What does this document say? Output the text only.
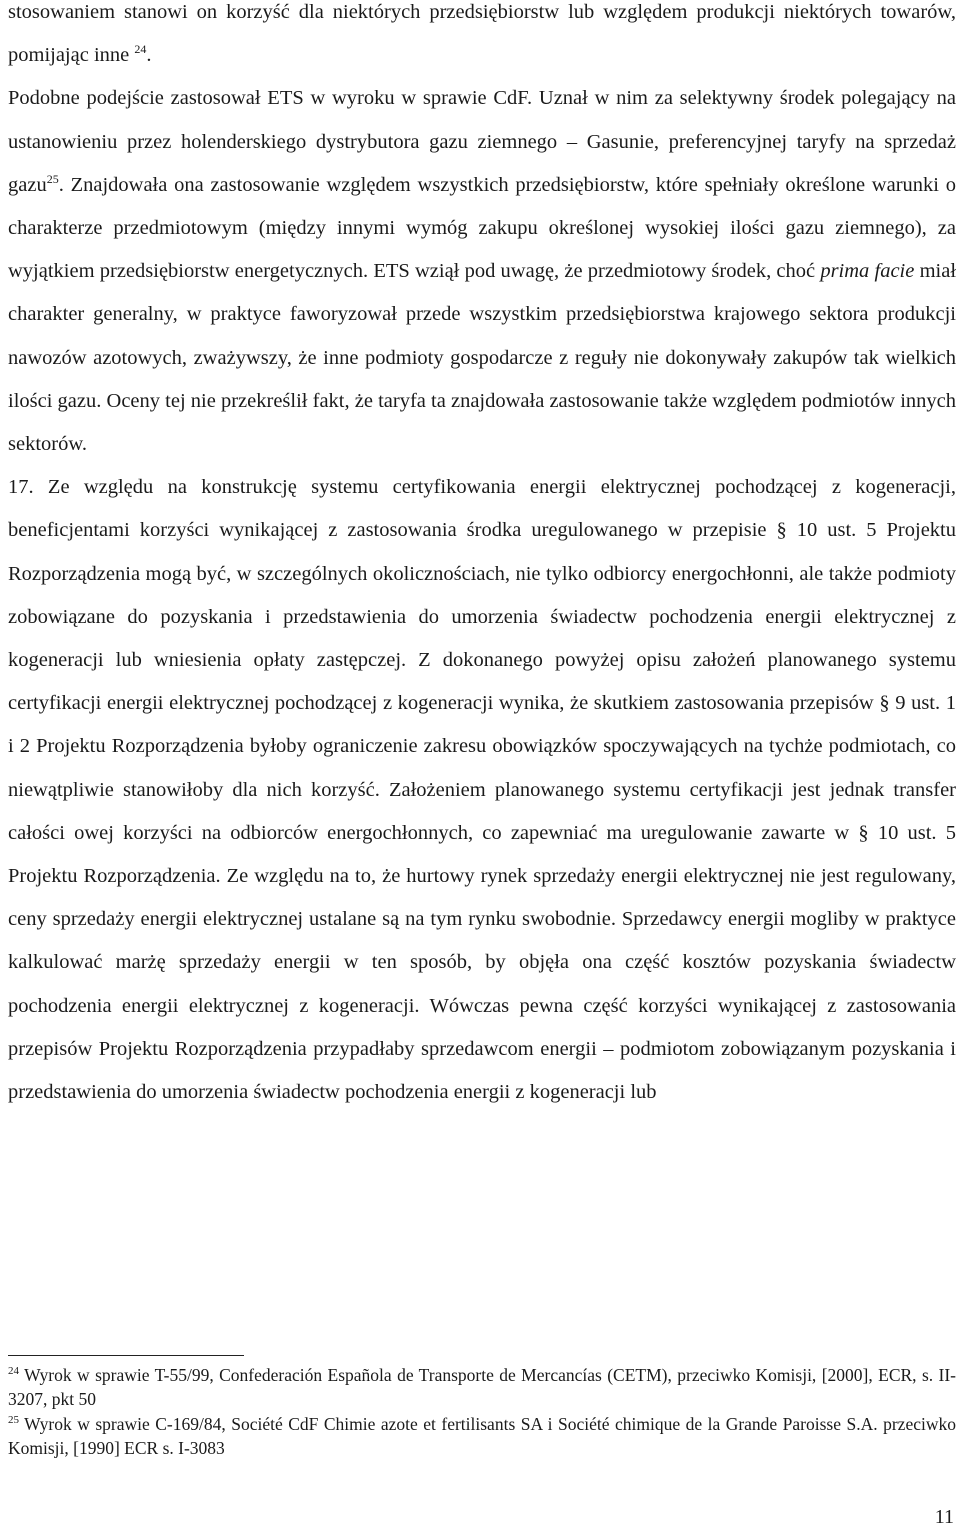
stosowaniem stanowi on korzyść dla niektórych przedsiębiorstw lub względem produkcji niektórych towarów, pomijając inne $^{24}$.

Podobne podejście zastosował ETS w wyroku w sprawie CdF. Uznał w nim za selektywny środek polegający na ustanowieniu przez holenderskiego dystrybutora gazu ziemnego – Gasunie, preferencyjnej taryfy na sprzedaż gazu$^{25}$. Znajdowała ona zastosowanie względem wszystkich przedsiębiorstw, które spełniały określone warunki o charakterze przedmiotowym (między innymi wymóg zakupu określonej wysokiej ilości gazu ziemnego), za wyjątkiem przedsiębiorstw energetycznych. ETS wziął pod uwagę, że przedmiotowy środek, choć prima facie miał charakter generalny, w praktyce faworyzował przede wszystkim przedsiębiorstwa krajowego sektora produkcji nawozów azotowych, zważywszy, że inne podmioty gospodarcze z reguły nie dokonywały zakupów tak wielkich ilości gazu. Oceny tej nie przekreślił fakt, że taryfa ta znajdowała zastosowanie także względem podmiotów innych sektorów.

17. Ze względu na konstrukcję systemu certyfikowania energii elektrycznej pochodzącej z kogeneracji, beneficjentami korzyści wynikającej z zastosowania środka uregulowanego w przepisie § 10 ust. 5 Projektu Rozporządzenia mogą być, w szczególnych okolicznościach, nie tylko odbiorcy energochłonni, ale także podmioty zobowiązane do pozyskania i przedstawienia do umorzenia świadectw pochodzenia energii elektrycznej z kogeneracji lub wniesienia opłaty zastępczej. Z dokonanego powyżej opisu założeń planowanego systemu certyfikacji energii elektrycznej pochodzącej z kogeneracji wynika, że skutkiem zastosowania przepisów § 9 ust. 1 i 2 Projektu Rozporządzenia byłoby ograniczenie zakresu obowiązków spoczywających na tychże podmiotach, co niewątpliwie stanowiłoby dla nich korzyść. Założeniem planowanego systemu certyfikacji jest jednak transfer całości owej korzyści na odbiorców energochłonnych, co zapewniać ma uregulowanie zawarte w § 10 ust. 5 Projektu Rozporządzenia. Ze względu na to, że hurtowy rynek sprzedaży energii elektrycznej nie jest regulowany, ceny sprzedaży energii elektrycznej ustalane są na tym rynku swobodnie. Sprzedawcy energii mogliby w praktyce kalkulować marżę sprzedaży energii w ten sposób, by objęła ona część kosztów pozyskania świadectw pochodzenia energii elektrycznej z kogeneracji. Wówczas pewna część korzyści wynikającej z zastosowania przepisów Projektu Rozporządzenia przypadłaby sprzedawcom energii – podmiotom zobowiązanym pozyskania i przedstawienia do umorzenia świadectw pochodzenia energii z kogeneracji lub

$^{24}$ Wyrok w sprawie T-55/99, Confederación Española de Transporte de Mercancías (CETM), przeciwko Komisji, [2000], ECR, s. II-3207, pkt 50

$^{25}$ Wyrok w sprawie C-169/84, Société CdF Chimie azote et fertilisants SA i Société chimique de la Grande Paroisse S.A. przeciwko Komisji, [1990] ECR s. I-3083

11
